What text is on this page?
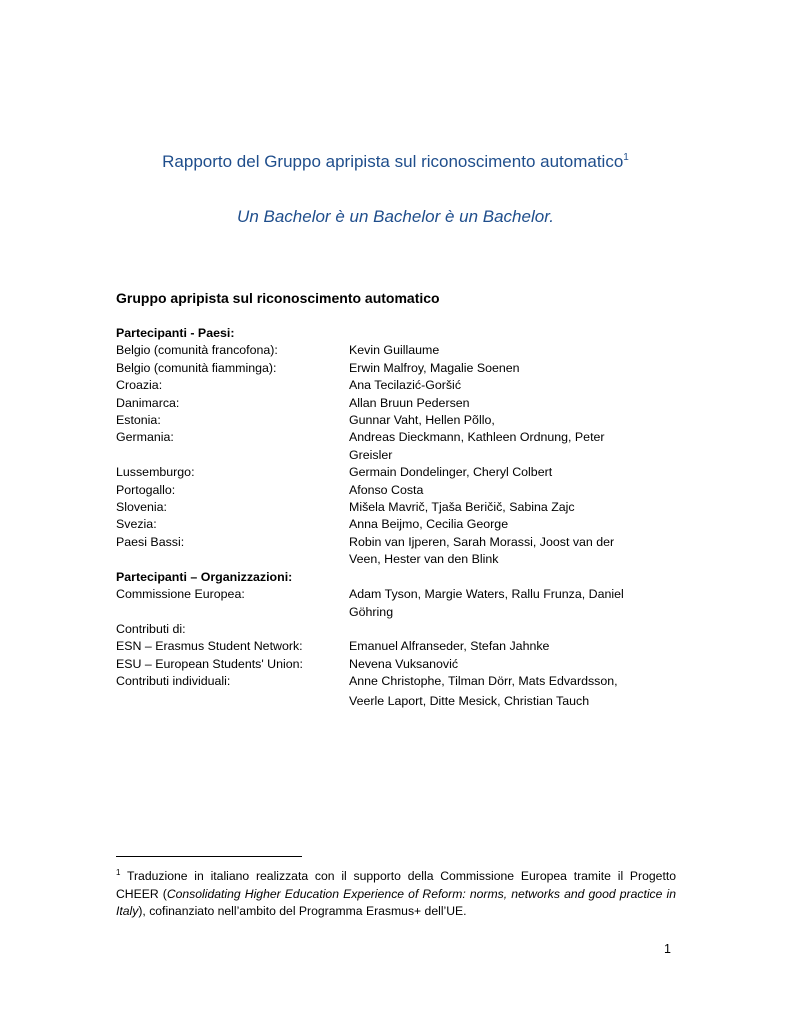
Rapporto del Gruppo apripista sul riconoscimento automatico$^1$
Un Bachelor è un Bachelor è un Bachelor.
Gruppo apripista sul riconoscimento automatico
Partecipanti - Paesi:
Belgio (comunità francofona):	Kevin Guillaume
Belgio (comunità fiamminga):	Erwin Malfroy, Magalie Soenen
Croazia:	Ana Tecilazić-Goršić
Danimarca:	Allan Bruun Pedersen
Estonia:	Gunnar Vaht, Hellen Põllo,
Germania:	Andreas Dieckmann, Kathleen Ordnung, Peter Greisler
Lussemburgo:	Germain Dondelinger, Cheryl Colbert
Portogallo:	Afonso Costa
Slovenia:	Mišela Mavrič, Tjaša Beričič, Sabina Zajc
Svezia:	Anna Beijmo, Cecilia George
Paesi Bassi:	Robin van Ijperen, Sarah Morassi, Joost van der Veen, Hester van den Blink
Partecipanti – Organizzazioni:
Commissione Europea:	Adam Tyson, Margie Waters, Rallu Frunza, Daniel Göhring
Contributi di:
ESN – Erasmus Student Network:	Emanuel Alfranseder, Stefan Jahnke
ESU – European Students' Union:	Nevena Vuksanović
Contributi individuali:	Anne Christophe, Tilman Dörr, Mats Edvardsson,
Veerle Laport, Ditte Mesick, Christian Tauch
$^1$ Traduzione in italiano realizzata con il supporto della Commissione Europea tramite il Progetto CHEER (Consolidating Higher Education Experience of Reform: norms, networks and good practice in Italy), cofinanziato nell’ambito del Programma Erasmus+ dell’UE.
1
